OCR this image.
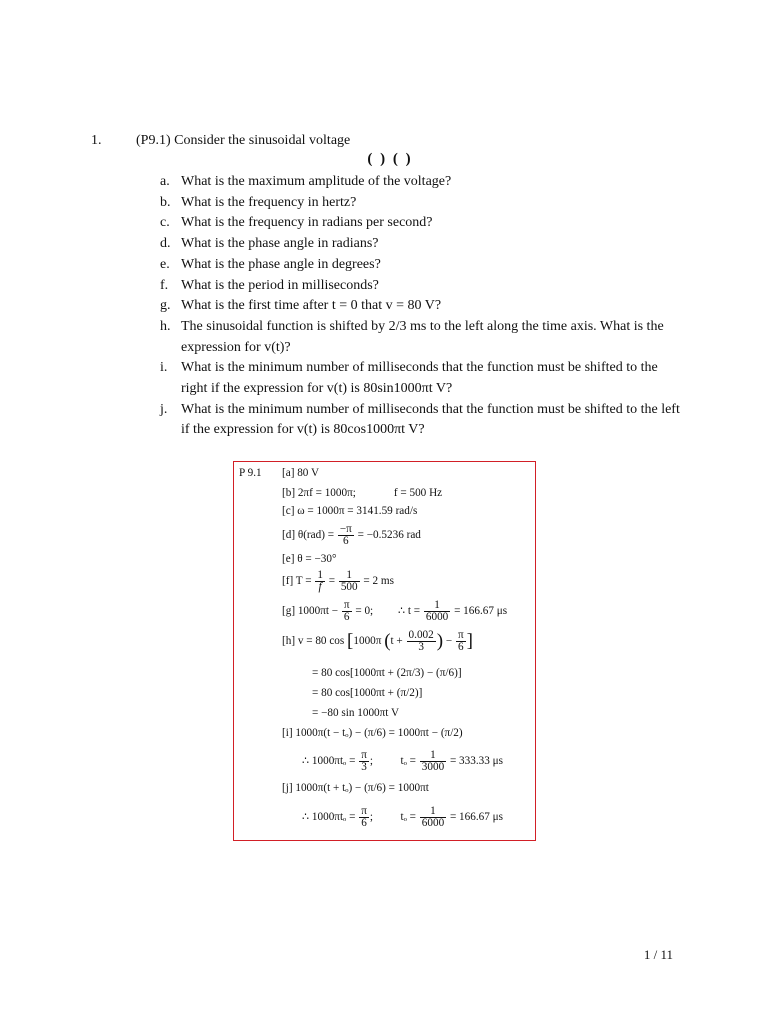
1. (P9.1) Consider the sinusoidal voltage
( ) ( )
a. What is the maximum amplitude of the voltage?
b. What is the frequency in hertz?
c. What is the frequency in radians per second?
d. What is the phase angle in radians?
e. What is the phase angle in degrees?
f. What is the period in milliseconds?
g. What is the first time after t = 0 that v = 80 V?
h. The sinusoidal function is shifted by 2/3 ms to the left along the time axis. What is the expression for v(t)?
i. What is the minimum number of milliseconds that the function must be shifted to the right if the expression for v(t) is 80sin1000πt V?
j. What is the minimum number of milliseconds that the function must be shifted to the left if the expression for v(t) is 80cos1000πt V?
P 9.1 [a] 80 V
[b] 2πf = 1000π;	f = 500 Hz
[c] ω = 1000π = 3141.59 rad/s
[d] $\theta(rad) = \frac{-\pi}{6} = -0.5236$ rad
[e] θ = −30°
[f] $T = \frac{1}{f} = \frac{1}{500} = 2$ ms
[g] $1000\pi t - \frac{\pi}{6} = 0$; ∴ $t = \frac{1}{6000} = 166.67$ μs
[h] v = 80 cos [1000π ($t + \frac{0.002}{3}$ ) − $\frac{\pi}{6}$ ]
= 80 cos[1000πt + (2π/3) − (π/6)]
= 80 cos[1000πt + (π/2)]
= −80 sin 1000πt V
[i] 1000π(t − tₒ) − (π/6) = 1000πt − (π/2)
∴ $1000\pi t_o = \frac{\pi}{3}$ ; $t_o = \frac{1}{3000} = 333.33$ μs
[j] 1000π(t + tₒ) − (π/6) = 1000πt
∴ $1000\pi t_o = \frac{\pi}{6}$ ; $t_o = \frac{1}{6000} = 166.67$ μs
1 / 11
